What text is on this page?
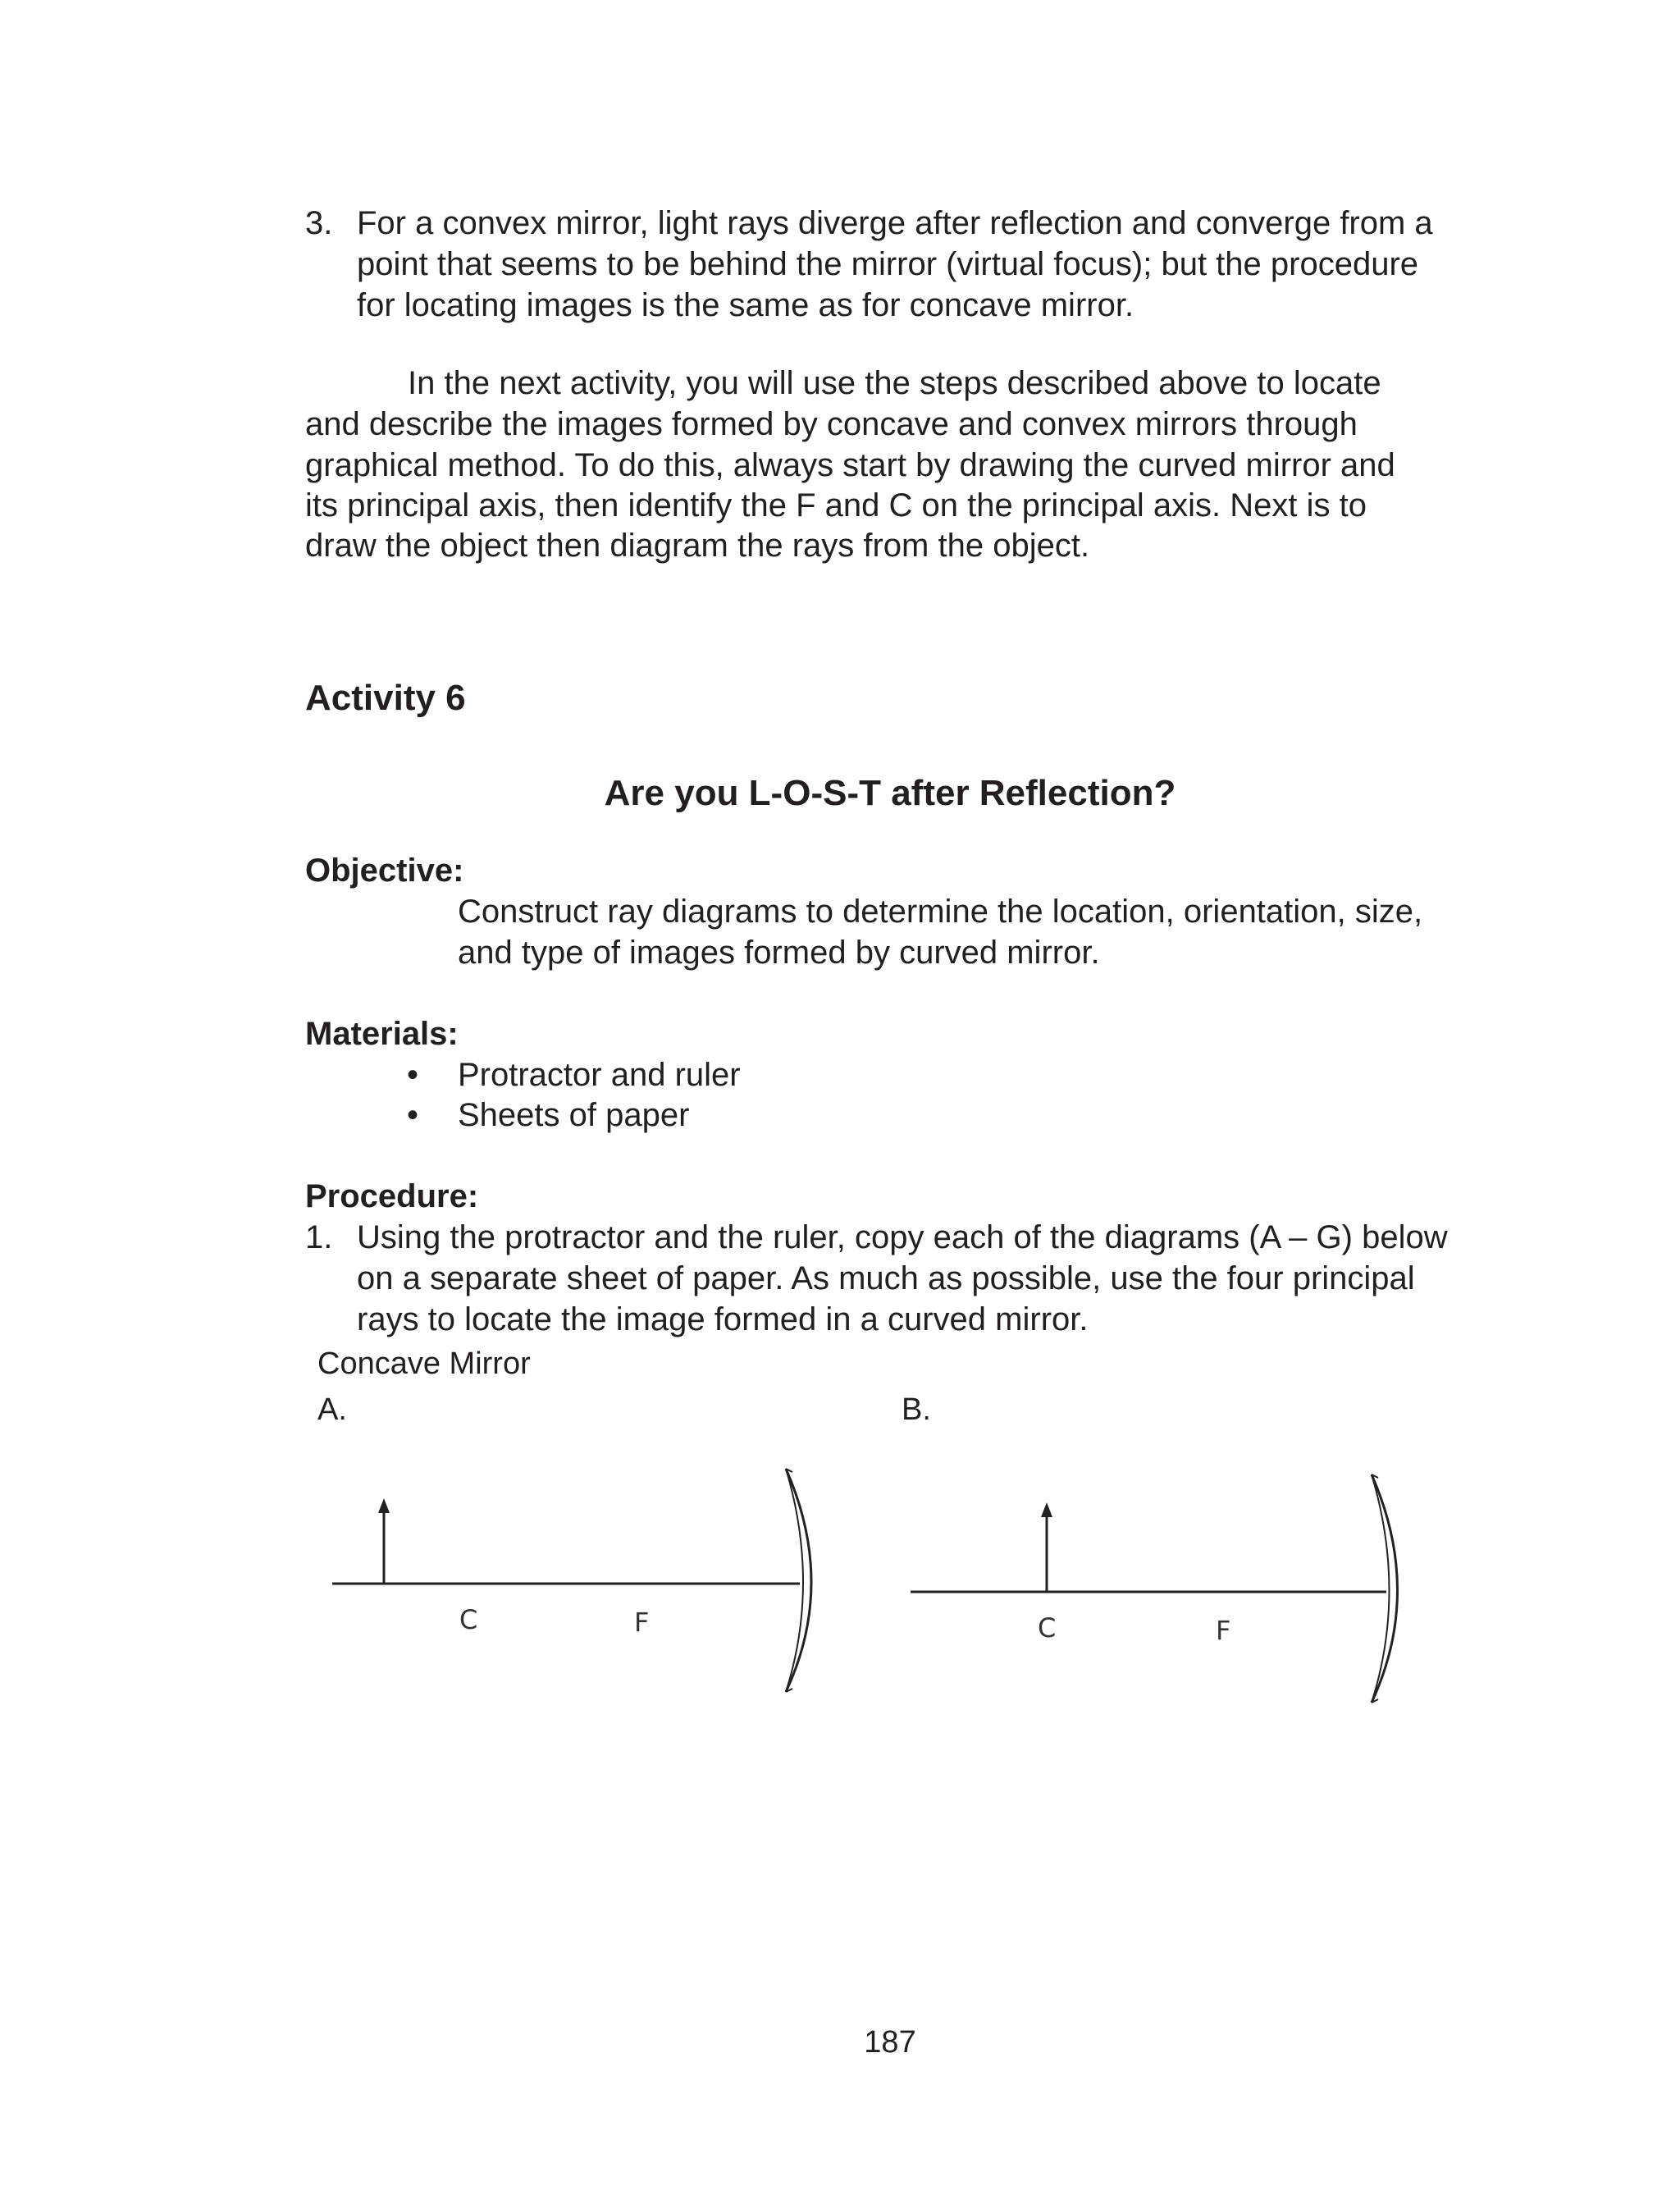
3. For a convex mirror, light rays diverge after reflection and converge from a

point that seems to be behind the mirror (virtual focus); but the procedure

for locating images is the same as for concave mirror.

In the next activity, you will use the steps described above to locate

and describe the images formed by concave and convex mirrors through

graphical method. To do this, always start by drawing the curved mirror and

its principal axis, then identify the F and C on the principal axis. Next is to

draw the object then diagram the rays from the object.

Activity 6
Are you L-O-S-T after Reflection?
Objective:

Construct ray diagrams to determine the location, orientation, size,

and type of images formed by curved mirror.

Materials:
• Protractor and ruler

• Sheets of paper

Procedure:
1. Using the protractor and the ruler, copy each of the diagrams (A – G) below

on a separate sheet of paper. As much as possible, use the four principal

rays to locate the image formed in a curved mirror.

Concave Mirror
A.	B.
C	F	C	F
187
